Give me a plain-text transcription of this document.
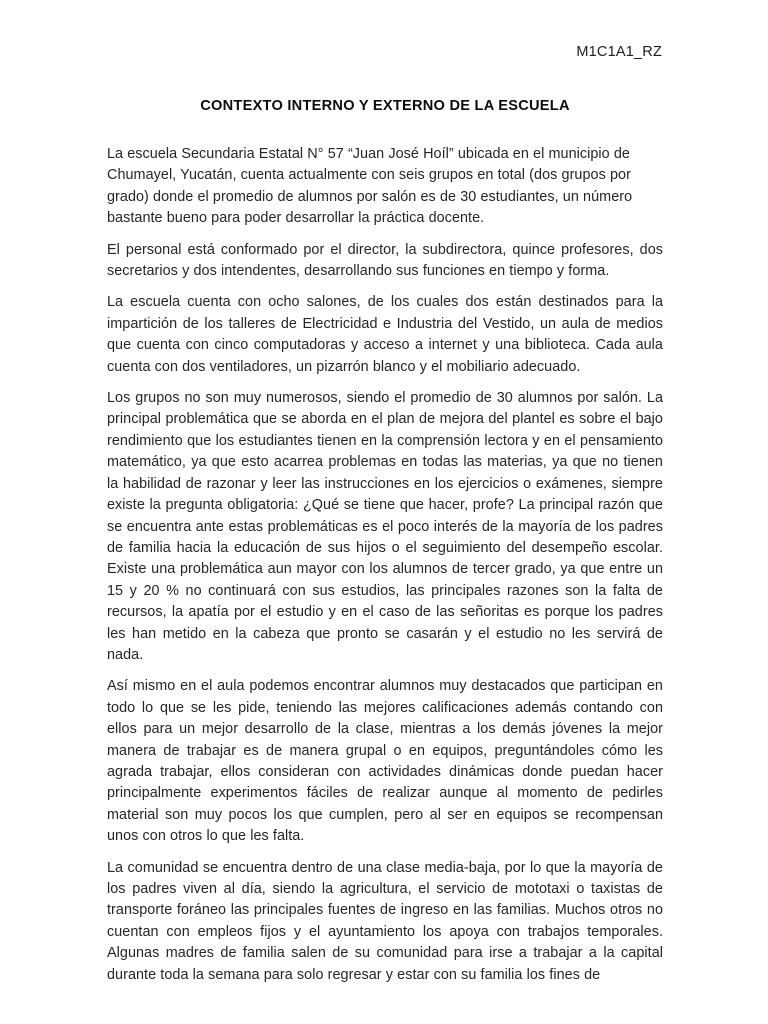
M1C1A1_RZ
CONTEXTO INTERNO Y EXTERNO DE LA ESCUELA

La escuela Secundaria Estatal N° 57 “Juan José Hoíl” ubicada en el municipio de Chumayel, Yucatán, cuenta actualmente con seis grupos en total (dos grupos por grado) donde el promedio de alumnos por salón es de 30 estudiantes, un número bastante bueno para poder desarrollar la práctica docente.

El personal está conformado por el director, la subdirectora, quince profesores, dos secretarios y dos intendentes, desarrollando sus funciones en tiempo y forma.

La escuela cuenta con ocho salones, de los cuales dos están destinados para la impartición de los talleres de Electricidad e Industria del Vestido, un aula de medios que cuenta con cinco computadoras y acceso a internet y una biblioteca. Cada aula cuenta con dos ventiladores, un pizarrón blanco y el mobiliario adecuado.

Los grupos no son muy numerosos, siendo el promedio de 30 alumnos por salón. La principal problemática que se aborda en el plan de mejora del plantel es sobre el bajo rendimiento que los estudiantes tienen en la comprensión lectora y en el pensamiento matemático, ya que esto acarrea problemas en todas las materias, ya que no tienen la habilidad de razonar y leer las instrucciones en los ejercicios o exámenes, siempre existe la pregunta obligatoria: ¿Qué se tiene que hacer, profe? La principal razón que se encuentra ante estas problemáticas es el poco interés de la mayoría de los padres de familia hacia la educación de sus hijos o el seguimiento del desempeño escolar. Existe una problemática aun mayor con los alumnos de tercer grado, ya que entre un 15 y 20 % no continuará con sus estudios, las principales razones son la falta de recursos, la apatía por el estudio y en el caso de las señoritas es porque los padres les han metido en la cabeza que pronto se casarán y el estudio no les servirá de nada.

Así mismo en el aula podemos encontrar alumnos muy destacados que participan en todo lo que se les pide, teniendo las mejores calificaciones además contando con ellos para un mejor desarrollo de la clase, mientras a los demás jóvenes la mejor manera de trabajar es de manera grupal o en equipos, preguntándoles cómo les agrada trabajar, ellos consideran con actividades dinámicas donde puedan hacer principalmente experimentos fáciles de realizar aunque al momento de pedirles material son muy pocos los que cumplen, pero al ser en equipos se recompensan unos con otros lo que les falta.

La comunidad se encuentra dentro de una clase media-baja, por lo que la mayoría de los padres viven al día, siendo la agricultura, el servicio de mototaxi o taxistas de transporte foráneo las principales fuentes de ingreso en las familias. Muchos otros no cuentan con empleos fijos y el ayuntamiento los apoya con trabajos temporales. Algunas madres de familia salen de su comunidad para irse a trabajar a la capital durante toda la semana para solo regresar y estar con su familia los fines de
